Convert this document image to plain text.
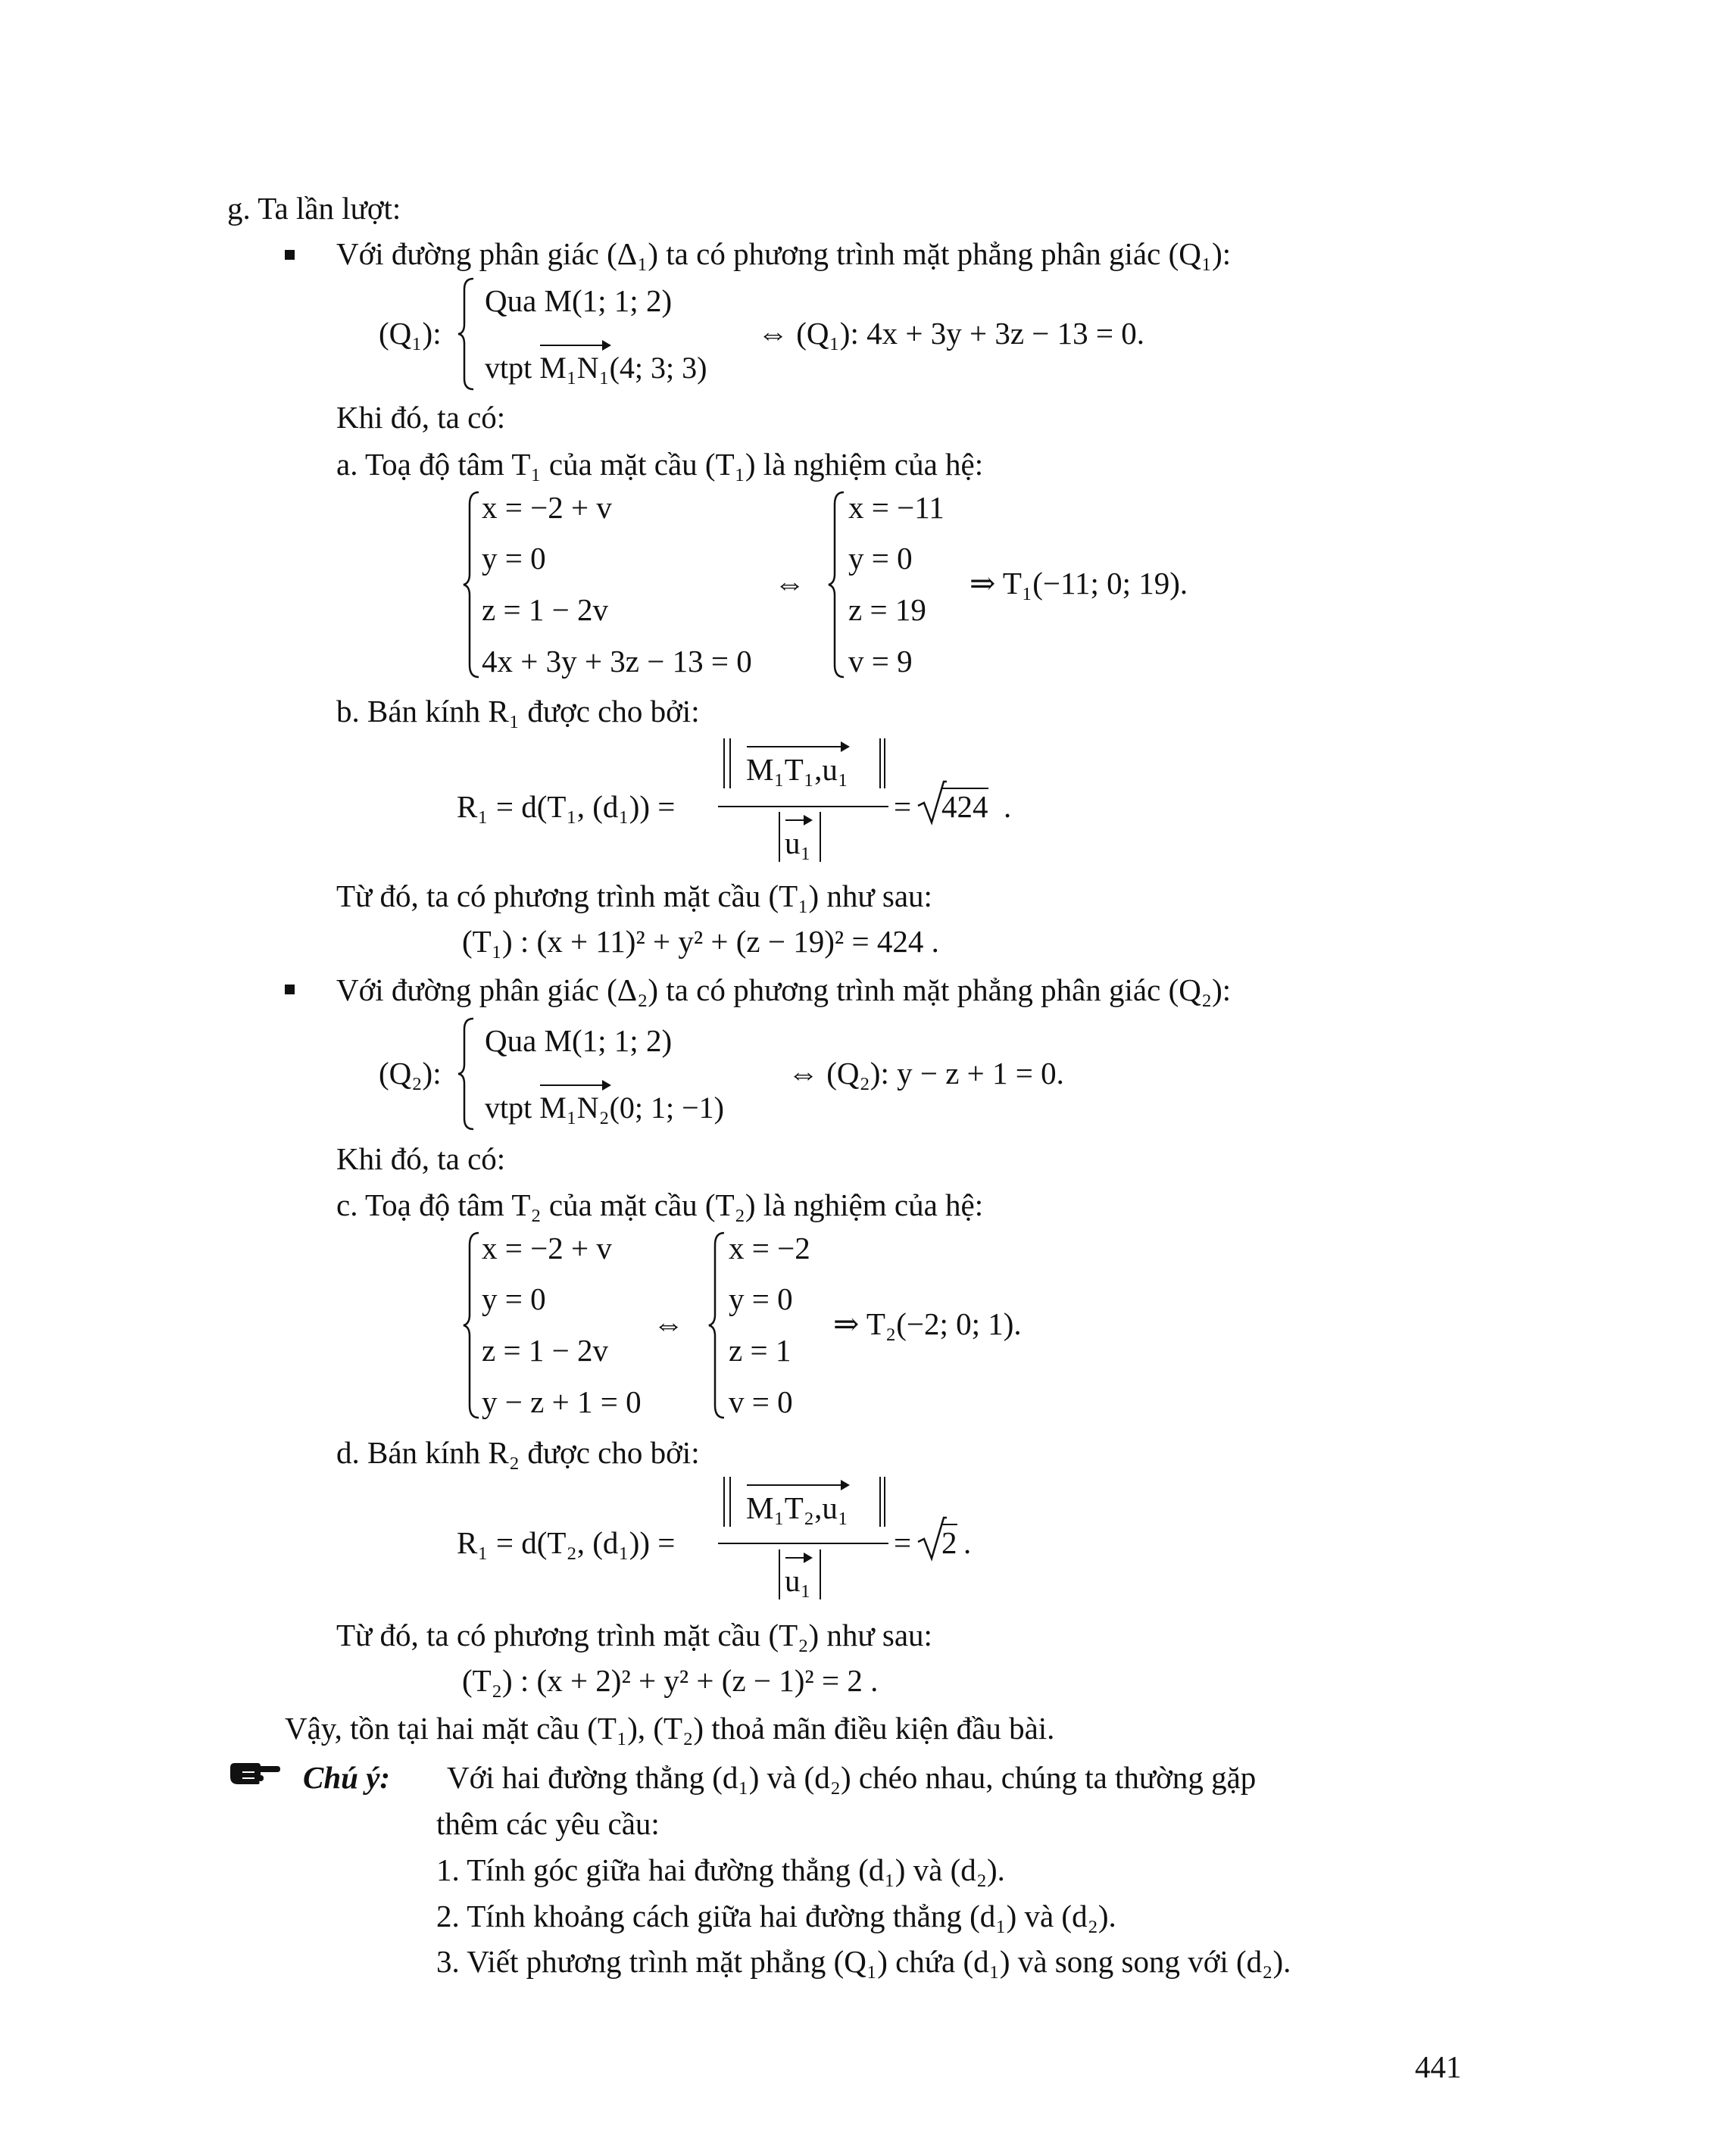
g. Ta lần lượt:
Với đường phân giác (Δ₁) ta có phương trình mặt phẳng phân giác (Q₁):
(Q₁):
Qua M(1; 1; 2)
vtpt M₁N₁(4; 3; 3)
⇔ (Q₁): 4x + 3y + 3z − 13 = 0.
Khi đó, ta có:
a. Toạ độ tâm T₁ của mặt cầu (T₁) là nghiệm của hệ:
x = −2 + v
y = 0
z = 1 − 2v
4x + 3y + 3z − 13 = 0
⇔
x = −11
y = 0
z = 19
v = 9
⇒ T₁(−11; 0; 19).
b. Bán kính R₁ được cho bởi:
R₁ = d(T₁, (d₁)) =
M₁T₁,u₁
u₁
= 424 .
Từ đó, ta có phương trình mặt cầu (T₁) như sau:
(T₁) : (x + 11)² + y² + (z − 19)² = 424 .
Với đường phân giác (Δ₂) ta có phương trình mặt phẳng phân giác (Q₂):
(Q₂):
Qua M(1; 1; 2)
vtpt M₁N₂(0; 1; −1)
⇔ (Q₂): y − z + 1 = 0.
Khi đó, ta có:
c. Toạ độ tâm T₂ của mặt cầu (T₂) là nghiệm của hệ:
x = −2 + v
y = 0
z = 1 − 2v
y − z + 1 = 0
⇔
x = −2
y = 0
z = 1
v = 0
⇒ T₂(−2; 0; 1).
d. Bán kính R₂ được cho bởi:
R₁ = d(T₂, (d₁)) =
M₁T₂,u₁
u₁
= 2 .
Từ đó, ta có phương trình mặt cầu (T₂) như sau:
(T₂) : (x + 2)² + y² + (z − 1)² = 2 .
Vậy, tồn tại hai mặt cầu (T₁), (T₂) thoả mãn điều kiện đầu bài.
Chú ý: Với hai đường thẳng (d₁) và (d₂) chéo nhau, chúng ta thường gặp
thêm các yêu cầu:
1. Tính góc giữa hai đường thẳng (d₁) và (d₂).
2. Tính khoảng cách giữa hai đường thẳng (d₁) và (d₂).
3. Viết phương trình mặt phẳng (Q₁) chứa (d₁) và song song với (d₂).
441
